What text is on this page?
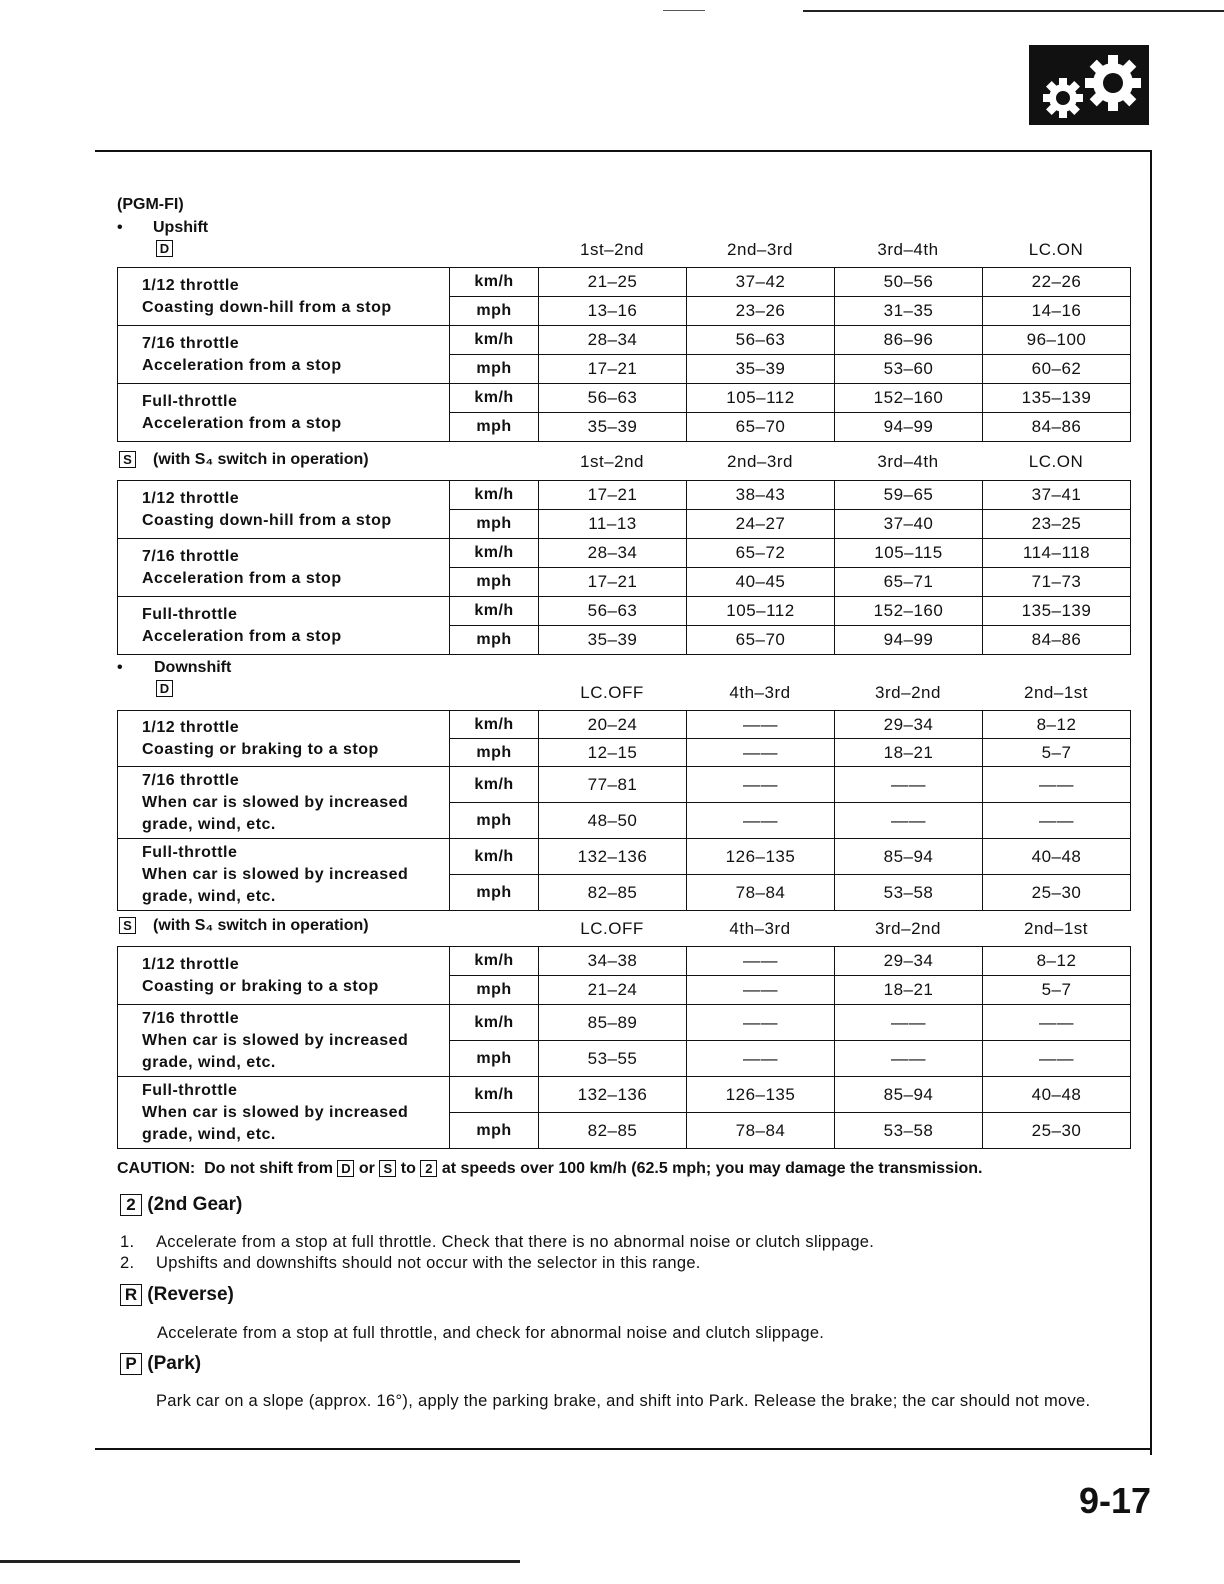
(PGM-FI)
• Upshift
D	1st–2nd	2nd–3rd	3rd–4th	LC.ON
1/12 throttle
Coasting down-hill from a stop	km/h	21–25	37–42	50–56	22–26
	mph	13–16	23–26	31–35	14–16

7/16 throttle
Acceleration from a stop	km/h	28–34	56–63	86–96	96–100
	mph	17–21	35–39	53–60	60–62

Full-throttle
Acceleration from a stop	km/h	56–63	105–112	152–160	135–139
	mph	35–39	65–70	94–99	84–86
S (with S₄ switch in operation)	1st–2nd	2nd–3rd	3rd–4th	LC.ON
1/12 throttle
Coasting down-hill from a stop	km/h	17–21	38–43	59–65	37–41
	mph	11–13	24–27	37–40	23–25

7/16 throttle
Acceleration from a stop	km/h	28–34	65–72	105–115	114–118
	mph	17–21	40–45	65–71	71–73

Full-throttle
Acceleration from a stop	km/h	56–63	105–112	152–160	135–139
	mph	35–39	65–70	94–99	84–86
• Downshift
D	LC.OFF	4th–3rd	3rd–2nd	2nd–1st
1/12 throttle
Coasting or braking to a stop	km/h	20–24	——	29–34	8–12
	mph	12–15	——	18–21	5–7

7/16 throttle
When car is slowed by increased
grade, wind, etc.	km/h	77–81	——	——	——
	mph	48–50	——	——	——

Full-throttle
When car is slowed by increased
grade, wind, etc.	km/h	132–136	126–135	85–94	40–48
	mph	82–85	78–84	53–58	25–30
S (with S₄ switch in operation)	LC.OFF	4th–3rd	3rd–2nd	2nd–1st
1/12 throttle
Coasting or braking to a stop	km/h	34–38	——	29–34	8–12
	mph	21–24	——	18–21	5–7

7/16 throttle
When car is slowed by increased
grade, wind, etc.	km/h	85–89	——	——	——
	mph	53–55	——	——	——

Full-throttle
When car is slowed by increased
grade, wind, etc.	km/h	132–136	126–135	85–94	40–48
	mph	82–85	78–84	53–58	25–30
CAUTION: Do not shift from D or S to 2 at speeds over 100 km/h (62.5 mph; you may damage the transmission.
2 (2nd Gear)
1. Accelerate from a stop at full throttle. Check that there is no abnormal noise or clutch slippage.
2. Upshifts and downshifts should not occur with the selector in this range.
R (Reverse)
Accelerate from a stop at full throttle, and check for abnormal noise and clutch slippage.
P (Park)
Park car on a slope (approx. 16°), apply the parking brake, and shift into Park. Release the brake; the car should not move.
9-17
